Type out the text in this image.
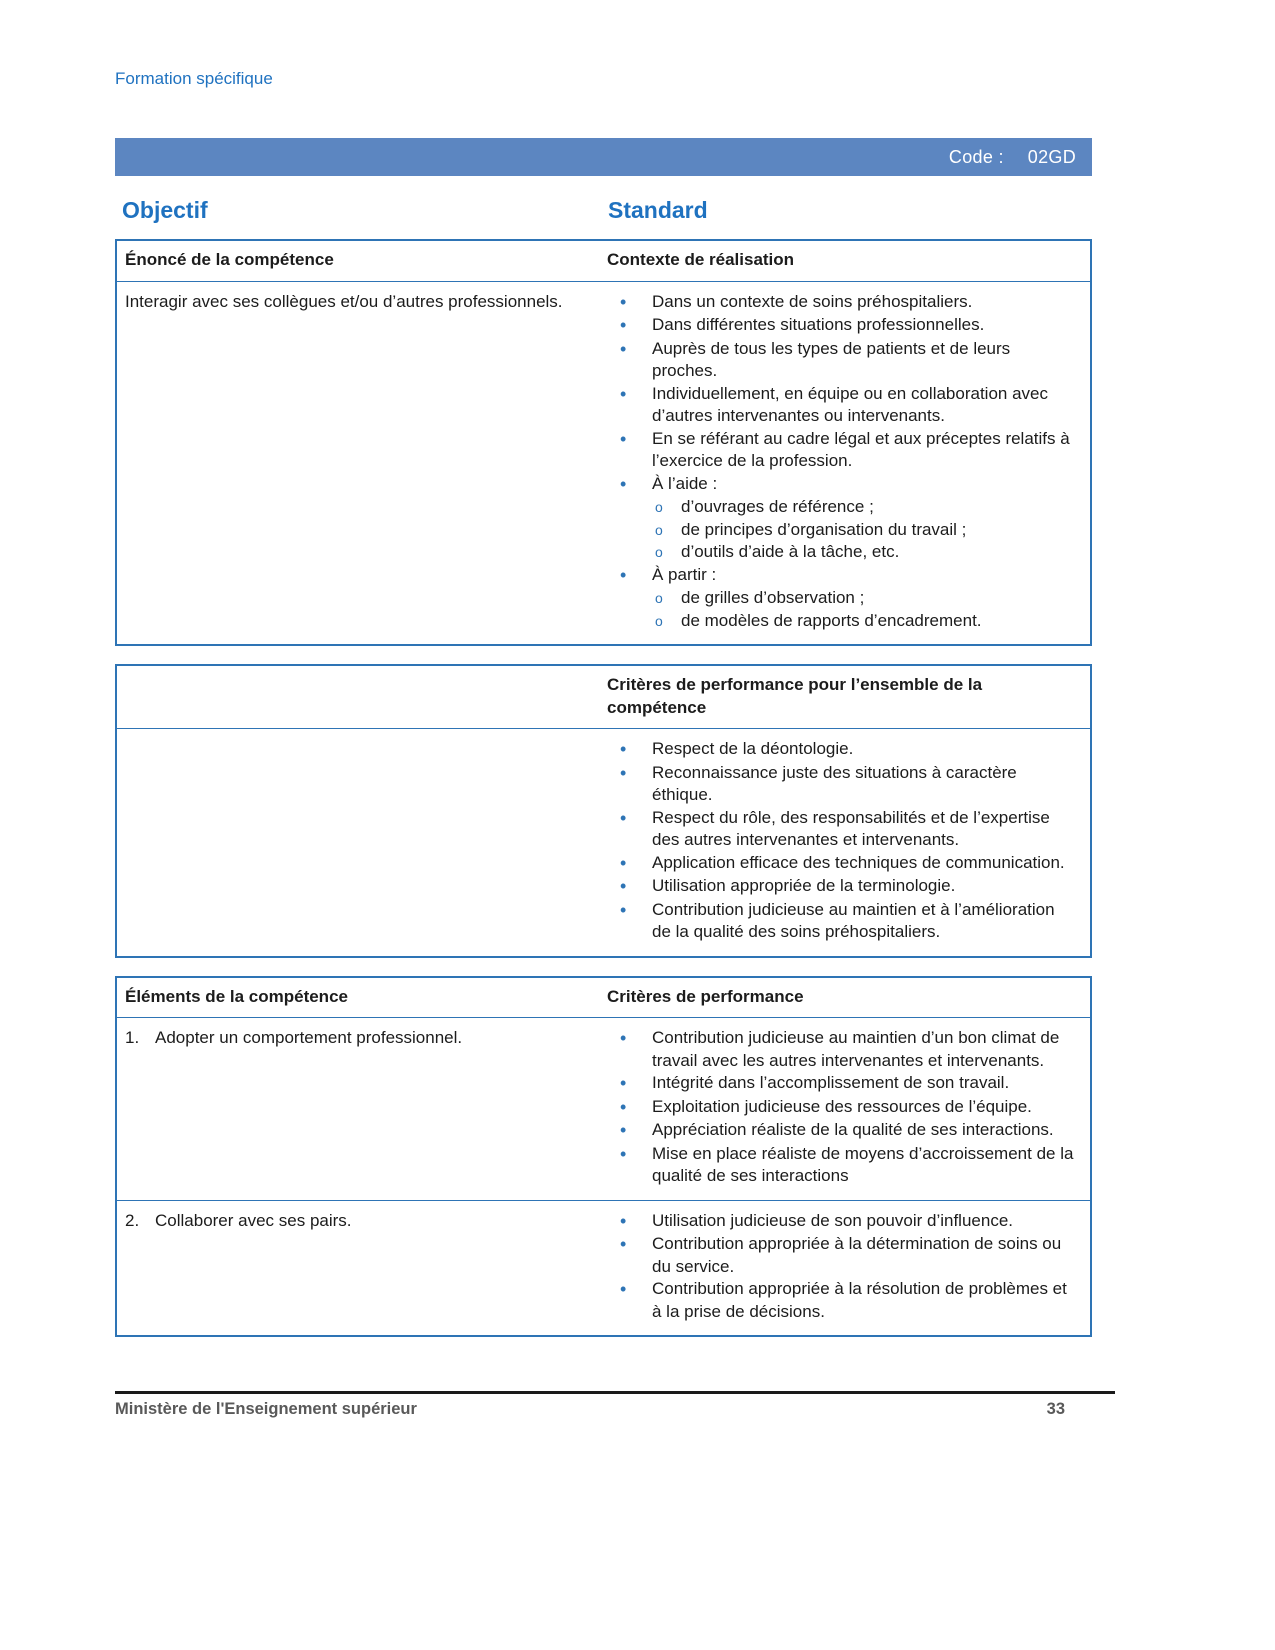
Formation spécifique
Code : 02GD
Objectif	Standard
Énoncé de la compétence	Contexte de réalisation
Interagir avec ses collègues et/ou d’autres professionnels. •	Dans un contexte de soins préhospitaliers.
•
Dans différentes situations professionnelles.
•
Auprès de tous les types de patients et de leurs proches.
•
Individuellement, en équipe ou en collaboration avec d’autres intervenantes ou intervenants.
•
En se référant au cadre légal et aux préceptes relatifs à l’exercice de la profession.
•
À l’aide :
o
d’ouvrages de référence ;
o
de principes d’organisation du travail ;
o
d’outils d’aide à la tâche, etc.
•
À partir :
o
de grilles d’observation ;
o
de modèles de rapports d’encadrement.
Critères de performance pour l’ensemble de la compétence
•
Respect de la déontologie.
•
Reconnaissance juste des situations à caractère éthique.
•
Respect du rôle, des responsabilités et de l’expertise des autres intervenantes et intervenants.
•
Application efficace des techniques de communication.
•
Utilisation appropriée de la terminologie.
•
Contribution judicieuse au maintien et à l’amélioration de la qualité des soins préhospitaliers.
Éléments de la compétence	Critères de performance
1. Adopter un comportement professionnel. •	Contribution judicieuse au maintien d’un bon climat de travail avec les autres intervenantes et intervenants.
•
Intégrité dans l’accomplissement de son travail.
•
Exploitation judicieuse des ressources de l’équipe.
•
Appréciation réaliste de la qualité de ses interactions.
•
Mise en place réaliste de moyens d’accroissement de la qualité de ses interactions
2. Collaborer avec ses pairs. •	Utilisation judicieuse de son pouvoir d’influence.
•
Contribution appropriée à la détermination de soins ou du service.
•
Contribution appropriée à la résolution de problèmes et à la prise de décisions.
Ministère de l'Enseignement supérieur	33
